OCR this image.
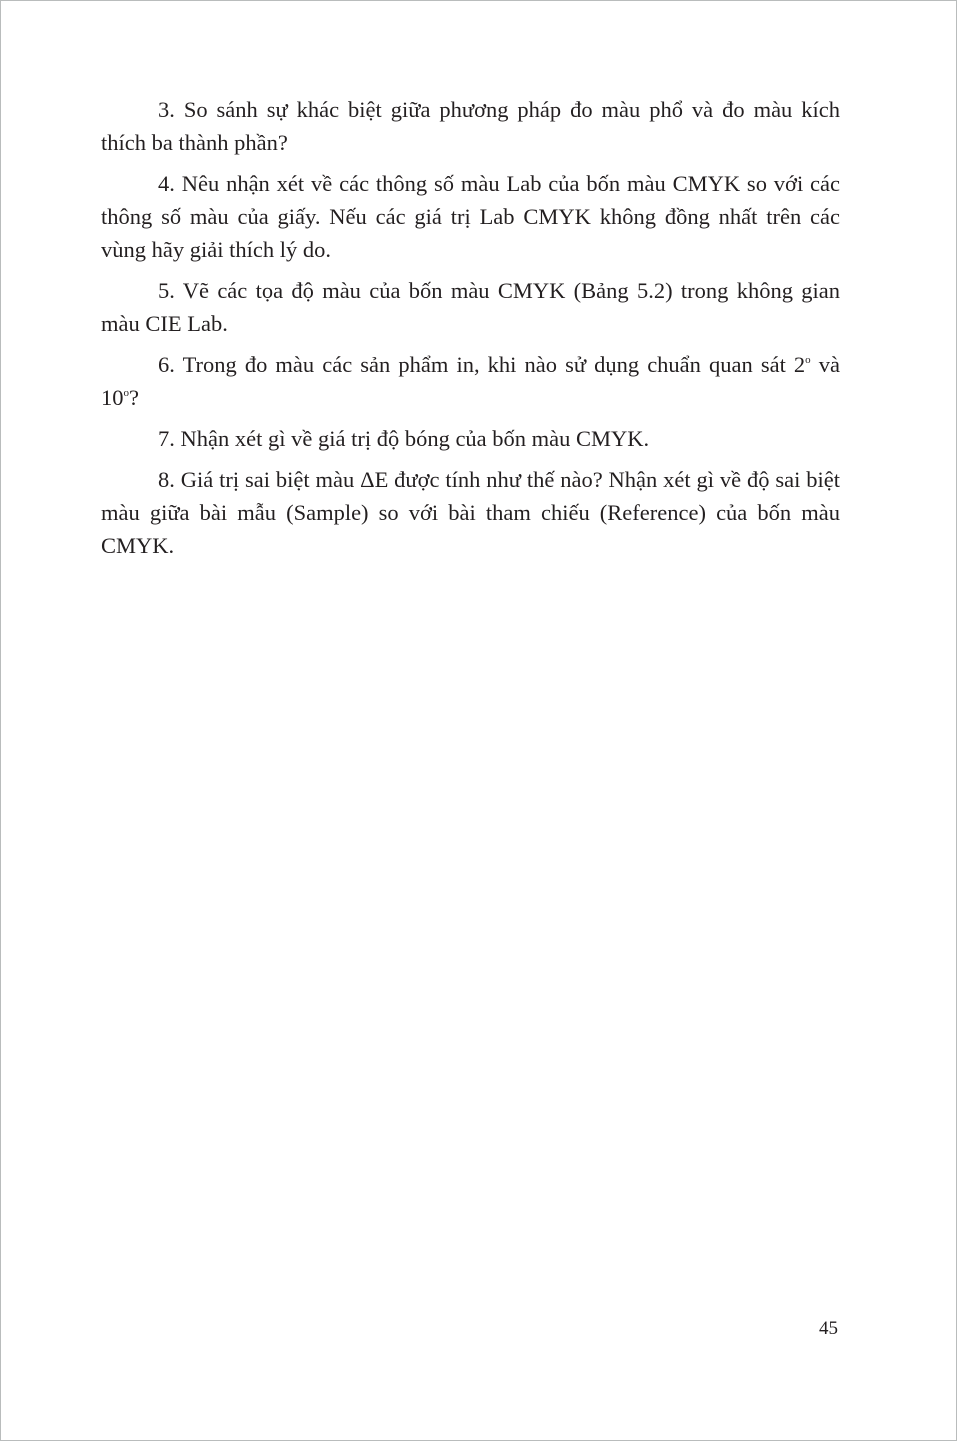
3. So sánh sự khác biệt giữa phương pháp đo màu phổ và đo màu kích thích ba thành phần?

4. Nêu nhận xét về các thông số màu Lab của bốn màu CMYK so với các thông số màu của giấy. Nếu các giá trị Lab CMYK không đồng nhất trên các vùng hãy giải thích lý do.

5. Vẽ các tọa độ màu của bốn màu CMYK (Bảng 5.2) trong không gian màu CIE Lab.

6. Trong đo màu các sản phẩm in, khi nào sử dụng chuẩn quan sát 2$^o$ và 10$^o$?

7. Nhận xét gì về giá trị độ bóng của bốn màu CMYK.

8. Giá trị sai biệt màu ΔE được tính như thế nào? Nhận xét gì về độ sai biệt màu giữa bài mẫu (Sample) so với bài tham chiếu (Reference) của bốn màu CMYK.

45
